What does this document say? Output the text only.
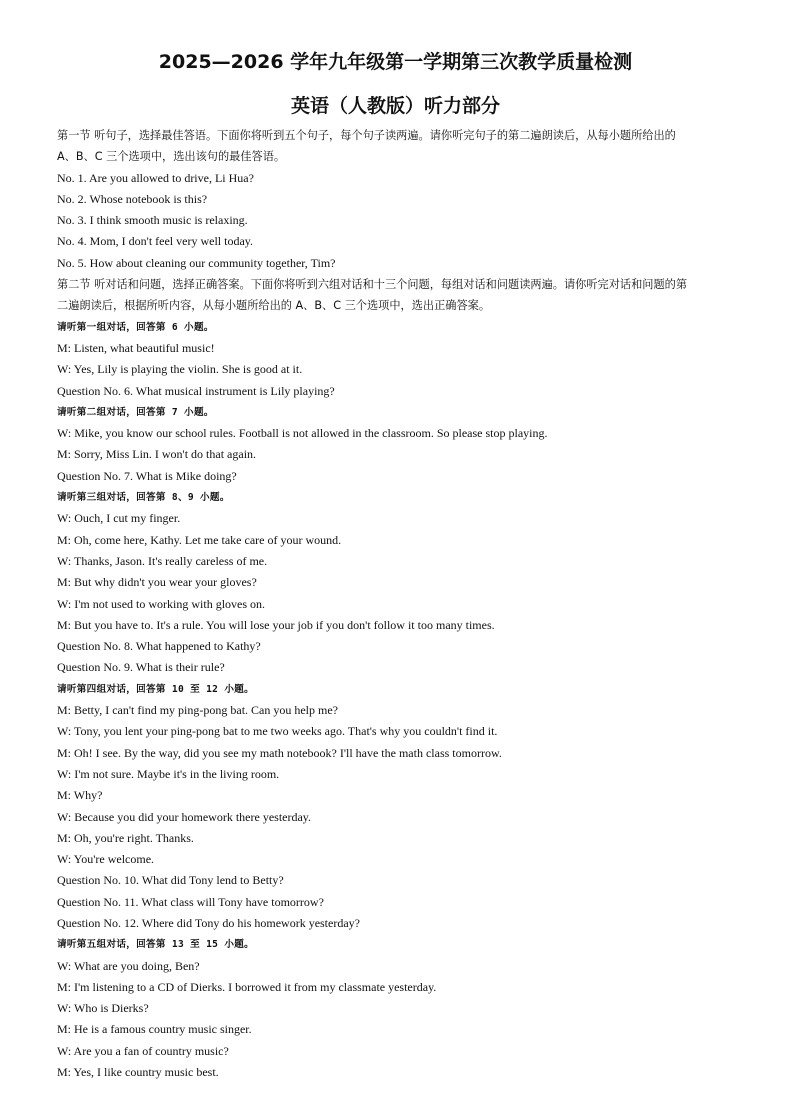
2025—2026 学年九年级第一学期第三次教学质量检测
英语（人教版）听力部分

第一节 听句子，选择最佳答语。下面你将听到五个句子，每个句子读两遍。请你听完句子的第二遍朗读后，从每小题所给出的

A、B、C 三个选项中，选出该句的最佳答语。

No. 1. Are you allowed to drive, Li Hua?

No. 2. Whose notebook is this?

No. 3. I think smooth music is relaxing.

No. 4. Mom, I don't feel very well today.

No. 5. How about cleaning our community together, Tim?

第二节 听对话和问题，选择正确答案。下面你将听到六组对话和十三个问题，每组对话和问题读两遍。请你听完对话和问题的第

二遍朗读后，根据所听内容，从每小题所给出的 A、B、C 三个选项中，选出正确答案。

请听第一组对话，回答第 6 小题。

M: Listen, what beautiful music!

W: Yes, Lily is playing the violin. She is good at it.

Question No. 6. What musical instrument is Lily playing?

请听第二组对话，回答第 7 小题。

W: Mike, you know our school rules. Football is not allowed in the classroom. So please stop playing.

M: Sorry, Miss Lin. I won't do that again.

Question No. 7. What is Mike doing?

请听第三组对话，回答第 8、9 小题。

W: Ouch, I cut my finger.

M: Oh, come here, Kathy. Let me take care of your wound.

W: Thanks, Jason. It's really careless of me.

M: But why didn't you wear your gloves?

W: I'm not used to working with gloves on.

M: But you have to. It's a rule. You will lose your job if you don't follow it too many times.

Question No. 8. What happened to Kathy?

Question No. 9. What is their rule?

请听第四组对话，回答第 10 至 12 小题。

M: Betty, I can't find my ping-pong bat. Can you help me?

W: Tony, you lent your ping-pong bat to me two weeks ago. That's why you couldn't find it.

M: Oh! I see. By the way, did you see my math notebook? I'll have the math class tomorrow.

W: I'm not sure. Maybe it's in the living room.

M: Why?

W: Because you did your homework there yesterday.

M: Oh, you're right. Thanks.

W: You're welcome.

Question No. 10. What did Tony lend to Betty?

Question No. 11. What class will Tony have tomorrow?

Question No. 12. Where did Tony do his homework yesterday?

请听第五组对话，回答第 13 至 15 小题。

W: What are you doing, Ben?

M: I'm listening to a CD of Dierks. I borrowed it from my classmate yesterday.

W: Who is Dierks?

M: He is a famous country music singer.

W: Are you a fan of country music?

M: Yes, I like country music best.
